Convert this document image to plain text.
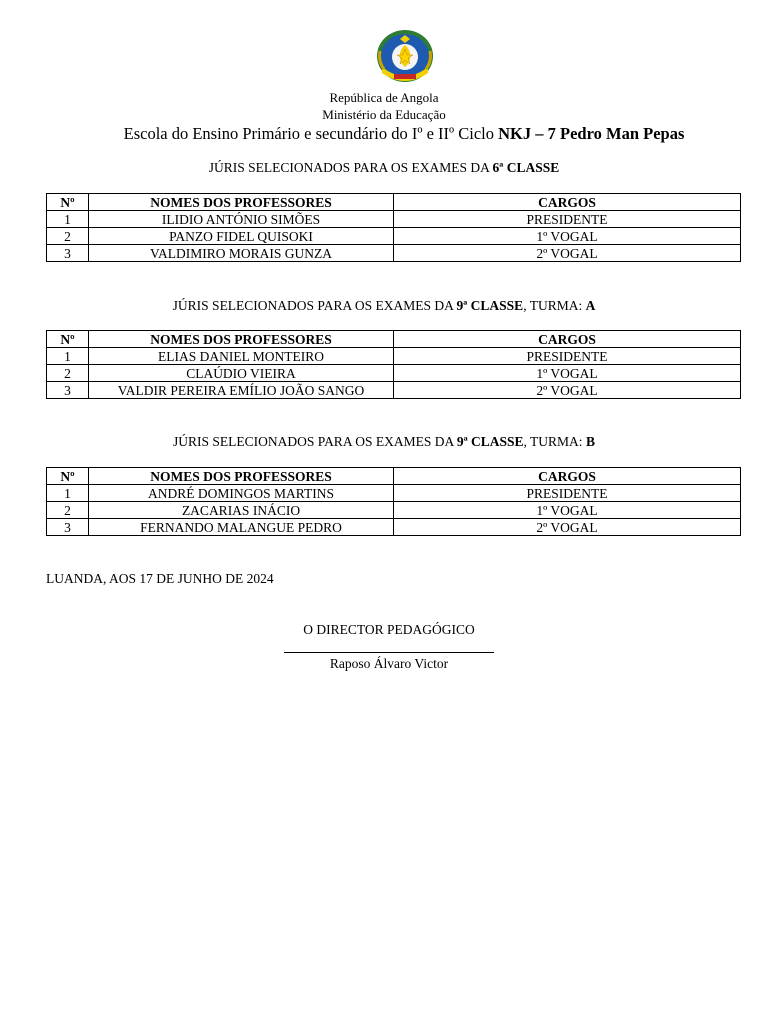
República de Angola
Ministério da Educação
Escola do Ensino Primário e secundário do Iº e IIº Ciclo NKJ – 7 Pedro Man Pepas
JÚRIS SELECIONADOS PARA OS EXAMES DA 6ª CLASSE
Nº	NOMES DOS PROFESSORES	CARGOS
1	ILIDIO ANTÓNIO SIMÕES	PRESIDENTE
2	PANZO FIDEL QUISOKI	1º VOGAL
3	VALDIMIRO MORAIS GUNZA	2º VOGAL
JÚRIS SELECIONADOS PARA OS EXAMES DA 9ª CLASSE, TURMA: A
Nº	NOMES DOS PROFESSORES	CARGOS
1	ELIAS DANIEL MONTEIRO	PRESIDENTE
2	CLAÚDIO VIEIRA	1º VOGAL
3	VALDIR PEREIRA EMÍLIO JOÃO SANGO	2º VOGAL
JÚRIS SELECIONADOS PARA OS EXAMES DA 9ª CLASSE, TURMA: B
Nº	NOMES DOS PROFESSORES	CARGOS
1	ANDRÉ DOMINGOS MARTINS	PRESIDENTE
2	ZACARIAS INÁCIO	1º VOGAL
3	FERNANDO MALANGUE PEDRO	2º VOGAL
LUANDA, AOS 17 DE JUNHO DE 2024
O DIRECTOR PEDAGÓGICO
Raposo Álvaro Victor
